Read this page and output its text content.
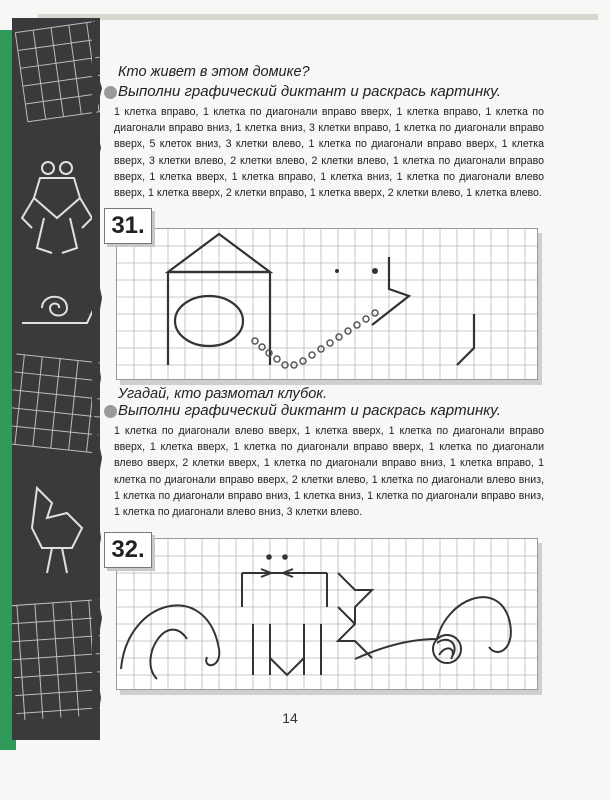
Кто живет в этом домике?
Выполни графический диктант и раскрась картинку.
1 клетка вправо, 1 клетка по диагонали вправо вверх, 1 клетка вправо, 1 клетка по диагонали вправо вниз, 1 клетка вниз, 3 клетки вправо, 1 клетка по диагонали вправо вверх, 5 клеток вниз, 3 клетки влево, 1 клетка по диагонали вправо вверх, 1 клетка вверх, 3 клетки влево, 2 клетки влево, 2 клетки влево, 1 клетка по диагонали вправо вверх, 1 клетка вверх, 1 клетка вправо, 1 клетка вниз, 1 клетка по диагонали влево вверх, 1 клетка вверх, 2 клетки вправо, 1 клетка вверх, 2 клетки влево, 1 клетка влево.
31.
Угадай, кто размотал клубок.
Выполни графический диктант и раскрась картинку.
1 клетка по диагонали влево вверх, 1 клетка вверх, 1 клетка по диагонали вправо вверх, 1 клетка вверх, 1 клетка по диагонали вправо вверх, 1 клетка по диагонали влево вверх, 2 клетки вверх, 1 клетка по диагонали вправо вниз, 1 клетка вправо, 1 клетка по диагонали вправо вверх, 2 клетки влево, 1 клетка по диагонали влево вниз, 1 клетка по диагонали вправо вниз, 1 клетка вниз, 1 клетка по диагонали вправо вниз, 1 клетка по диагонали влево вниз, 3 клетки влево.
32.
14
